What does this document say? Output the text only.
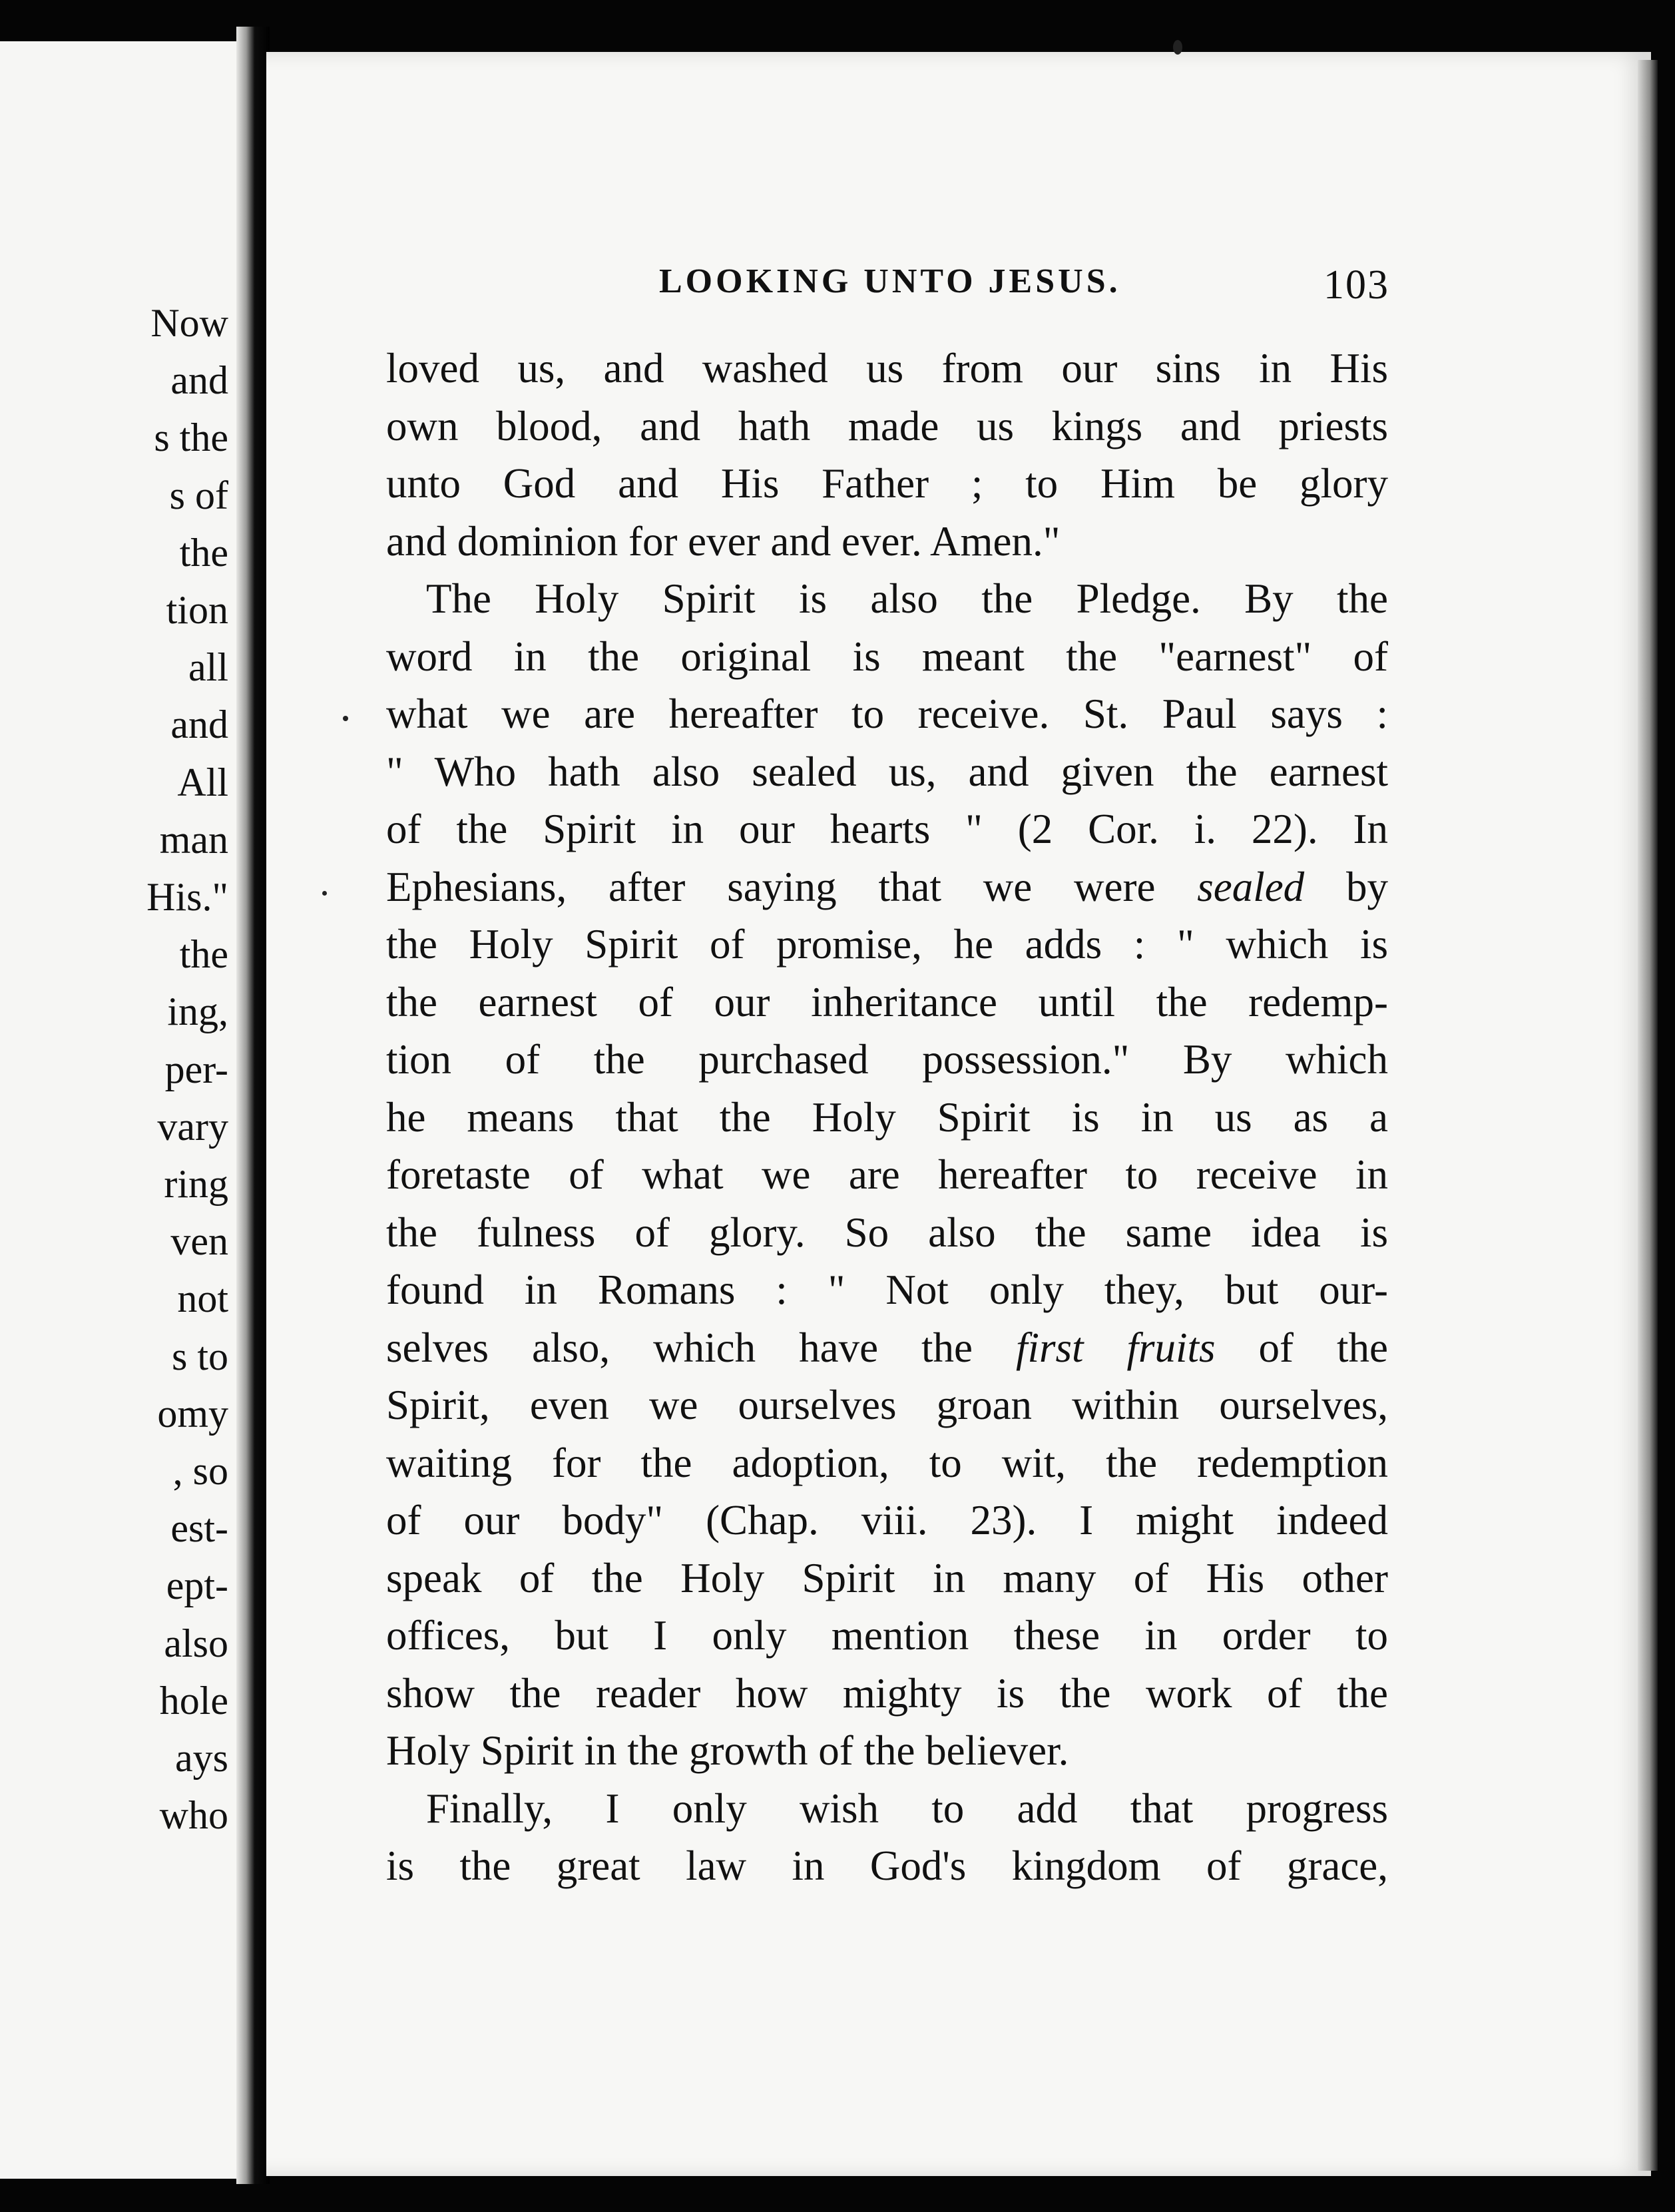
Now
and
s the
s of
the
tion
all
and
All
man
His."
the
ing,
per-
vary
ring
ven
not
s to
omy
, so
est-
ept-
also
hole
ays
who
LOOKING UNTO JESUS.	103
loved us, and washed us from our sins in His
own blood, and hath made us kings and priests
unto God and His Father ; to Him be glory
and dominion for ever and ever. Amen."
The Holy Spirit is also the Pledge. By the
word in the original is meant the "earnest" of
what we are hereafter to receive. St. Paul says :
" Who hath also sealed us, and given the earnest
of the Spirit in our hearts " (2 Cor. i. 22). In
Ephesians, after saying that we were sealed by
the Holy Spirit of promise, he adds : " which is
the earnest of our inheritance until the redemp-
tion of the purchased possession." By which
he means that the Holy Spirit is in us as a
foretaste of what we are hereafter to receive in
the fulness of glory. So also the same idea is
found in Romans : " Not only they, but our-
selves also, which have the first fruits of the
Spirit, even we ourselves groan within ourselves,
waiting for the adoption, to wit, the redemption
of our body" (Chap. viii. 23). I might indeed
speak of the Holy Spirit in many of His other
offices, but I only mention these in order to
show the reader how mighty is the work of the
Holy Spirit in the growth of the believer.
Finally, I only wish to add that progress
is the great law in God's kingdom of grace,
